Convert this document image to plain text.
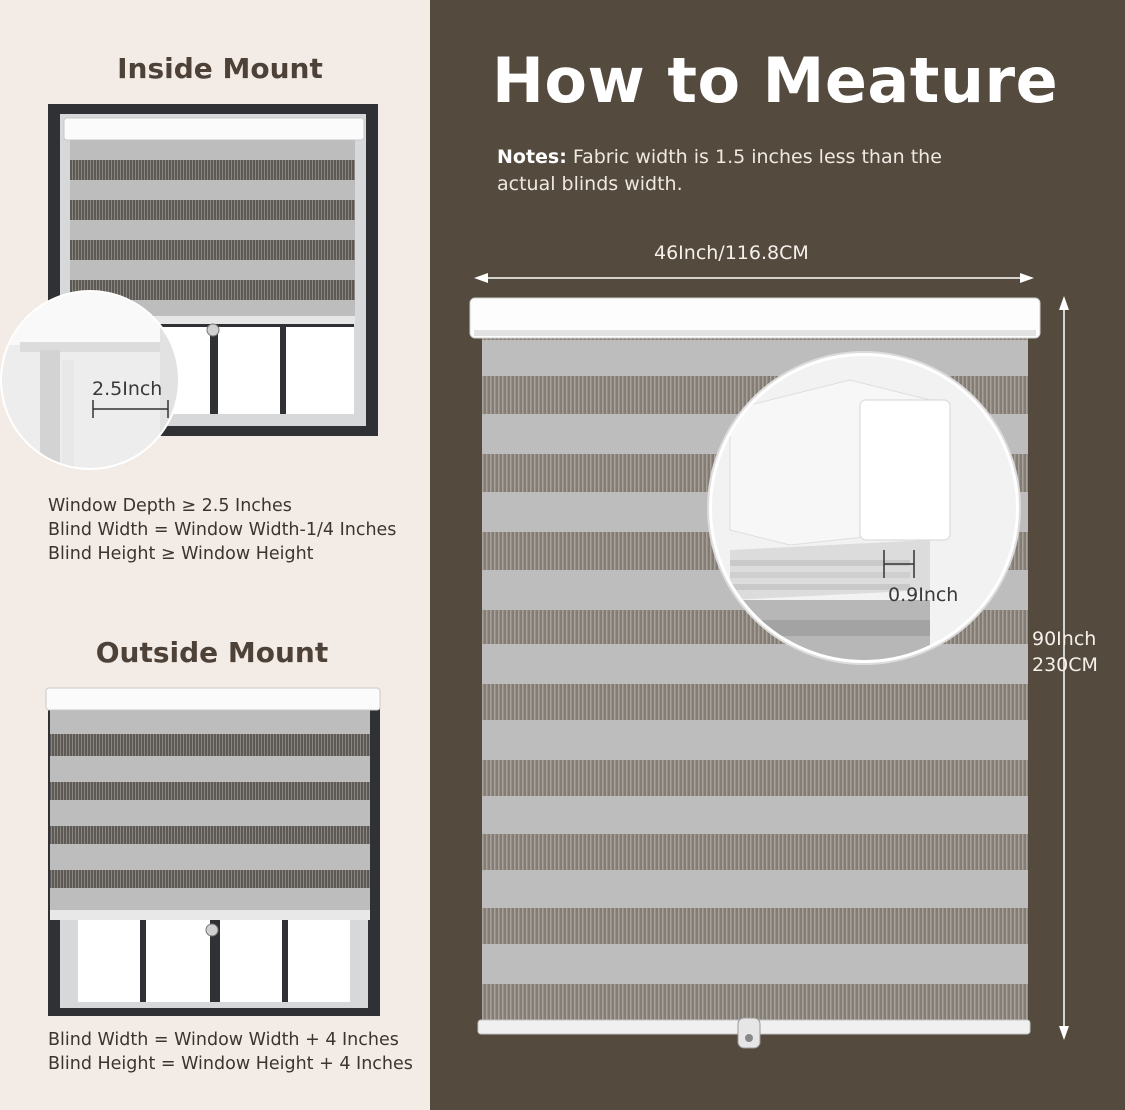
Inside Mount
2.5Inch
Window Depth ≥ 2.5 Inches
Blind Width = Window Width-1/4 Inches
Blind Height ≥ Window Height
Outside Mount
Blind Width = Window Width + 4 Inches
Blind Height = Window Height + 4 Inches
How to Meature
Notes: Fabric width is 1.5 inches less than the actual blinds width.
46Inch/116.8CM
0.9Inch
90Inch
230CM
